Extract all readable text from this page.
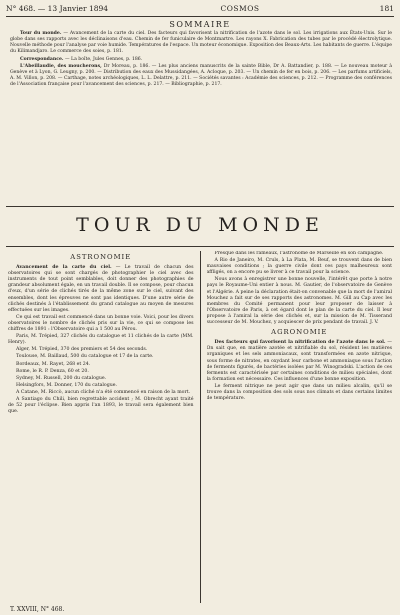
N° 468. — 13 Janvier 1894	COSMOS	181
SOMMAIRE

Tour du monde. — Avancement de la carte du ciel. Des facteurs qui favorisent la nitrification de l'azote dans le sol. Les irrigations aux États-Unis. Sur le globe dans ses rapports avec les déclinaisons d'eau. Chemin de fer funiculaire de Montmartre. Les rayons X. Fabrication des tubes par le procédé électrolytique. Nouvelle méthode pour l'analyse par voie humide. Températures de l'espace. Un moteur économique. Exposition des Beaux-Arts. Les habitants de guerre. L'équipe du Kilimandjaro. Le commerce des soies, p. 181.

Correspondance. — La boîte, Jules Gennes, p. 186.

L'Abeillaudie, des moucherons, Dr Moreau, p. 186. — Les plus anciens manuscrits de la sainte Bible, Dr A. Battandier, p. 188. — Le nouveau moteur à Genève et à Lyon, G. Leugny, p. 200. — Distribution des eaux des Mussidangées, A. Acloque, p. 203. — Un chemin de fer en bois, p. 206. — Les parfums artificiels, A. M. Villon, p. 208. — Carthage, notes archéologiques, L. L. Delattre, p. 211. — Sociétés savantes : Académie des sciences, p. 212. — Programme des conférences de l'Association française pour l'avancement des sciences, p. 217. — Bibliographie, p. 217.

TOUR DU MONDE

ASTRONOMIE

Avancement de la carte du ciel. — Le travail de chacun des observatoires qui se sont chargés de photographier le ciel avec des instruments de tout point semblables, doit donner des photographies de grandeur absolument égale, en un travail double. Il se compose, pour chacun d'eux, d'un série de clichés tirés de la même zone sur le ciel, suivant des ensembles, dont les épreuves ne sont pas identiques. D'une autre série de clichés destinés à l'établissement du grand catalogue au moyen de mesures effectuées sur les images.

Ce qui est travail est commencé dans un bonne voie. Voici, pour les divers observatoires le nombre de clichés pris sur la vie, ce qui se compose les chiffres de 1891 : l'Observatoire qui a 1 500 au Pérou.

Paris, M. Trépied, 327 clichés du catalogue et 11 clichés de la carte (MM. Henry).

Alger, M. Trépied, 370 des premiers et 54 des seconds.

Toulouse, M. Baillaud, 500 du catalogue et 17 de la carte.

Bordeaux, M. Rayet, 268 et 24.

Rome, le R. P. Denza, 60 et 20.

Sydney, M. Russell, 200 du catalogue.

Helsingfors, M. Donner, 170 du catalogue.

A Catane, M. Riccò, aucun cliché n'a été commencé en raison de la mort.

A Santiago du Chili, bien regrettable accident ; M. Obrecht ayant traité de 52 pour l'éclipse. Bien appris l'an 1893, le travail sera également bien que.

Presque dans les rameaux, l'astronome de Marseille en son campagne.

A Rio de Janeiro, M. Cruls, à La Plata, M. Beuf, se trouvent dans de bien mauvaises conditions ; la guerre civile dont ces pays malheureux sont affligés, on a encore pu se livrer à ce travail pour la science.

Nous avons à enregistrer une bonne nouvelle, l'intérêt que porte à notre pays le Royaume-Uni entier à nous. M. Gautier, de l'observatoire de Genève et l'Algérie. A peine la déclaration était-on convenable que la mort de l'amiral Mouchez a fait sur de ses rapports des astronomes. M. Gill au Cap avec les membres du Comité permanent pour leur proposer de laisser à l'Observatoire de Paris, à cet égard dont le plan de la carte du ciel. Il leur propose à l'amiral la série des clichés et, sur la mission de M. Tisserand successeur de M. Mouchez, y acquiescer de prix pendant de travail. J. V.

AGRONOMIE

Des facteurs qui favorisent la nitrification de l'azote dans le sol. — On sait que, en matière azotée et nitrifiable du sol, résident les matières organiques et les sels ammoniacaux, sont transformées en azote nitrique, sous forme de nitrates, en oxydant leur carbone et ammoniaque sous l'action de ferments figurés, de bactéries isolées par M. Winogradski. L'action de ces ferments est caractérisée par certaines conditions de milieu spéciales, dont la formation est nécessaire. Ces influences d'une bonne exposition.

Le ferment nitrique ne peut agir que dans un milieu alcalin, qu'il se trouve dans la composition des sols sous nos climats et dans certains limites de température.

T. XXVIII, N° 468.
